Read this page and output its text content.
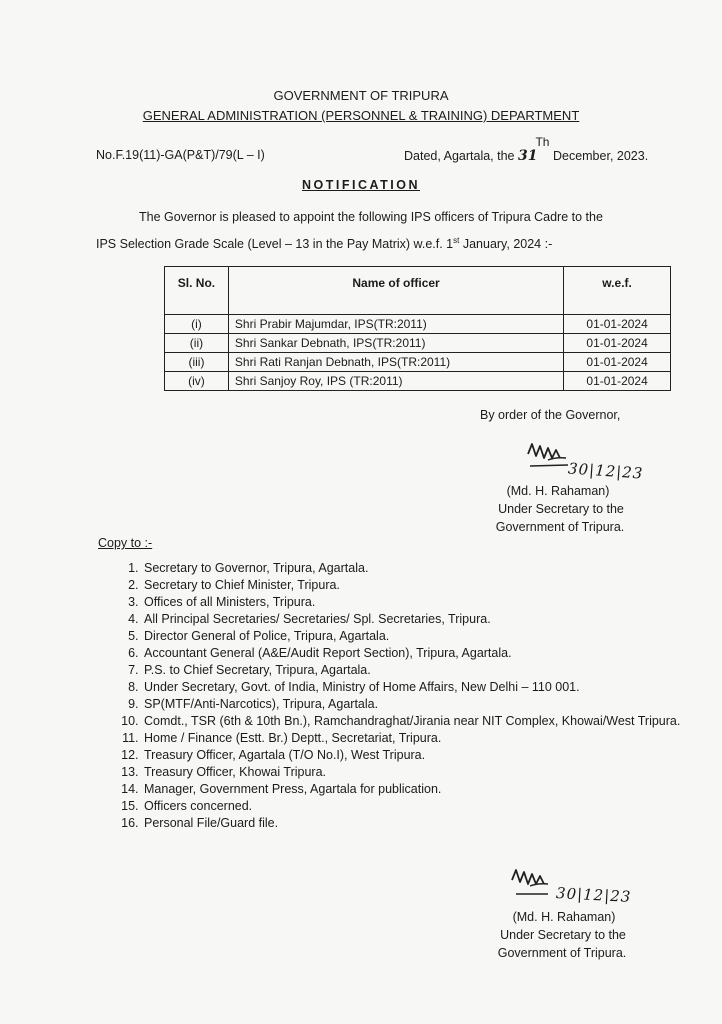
GOVERNMENT OF TRIPURA
GENERAL ADMINISTRATION (PERSONNEL & TRAINING) DEPARTMENT
No.F.19(11)-GA(P&T)/79(L – I)	Dated, Agartala, the 31Th December, 2023.
NOTIFICATION
The Governor is pleased to appoint the following IPS officers of Tripura Cadre to the
IPS Selection Grade Scale (Level – 13 in the Pay Matrix) w.e.f. 1st January, 2024 :-
Sl. No.	Name of officer	w.e.f.
(i)	Shri Prabir Majumdar, IPS(TR:2011)	01-01-2024
(ii)	Shri Sankar Debnath, IPS(TR:2011)	01-01-2024
(iii)	Shri Rati Ranjan Debnath, IPS(TR:2011)	01-01-2024
(iv)	Shri Sanjoy Roy, IPS (TR:2011)	01-01-2024
By order of the Governor,
30|12|23
(Md. H. Rahaman)
Under Secretary to the
Government of Tripura.
Copy to :-
1. Secretary to Governor, Tripura, Agartala.
2. Secretary to Chief Minister, Tripura.
3. Offices of all Ministers, Tripura.
4. All Principal Secretaries/ Secretaries/ Spl. Secretaries, Tripura.
5. Director General of Police, Tripura, Agartala.
6. Accountant General (A&E/Audit Report Section), Tripura, Agartala.
7. P.S. to Chief Secretary, Tripura, Agartala.
8. Under Secretary, Govt. of India, Ministry of Home Affairs, New Delhi – 110 001.
9. SP(MTF/Anti-Narcotics), Tripura, Agartala.
10. Comdt., TSR (6th & 10th Bn.), Ramchandraghat/Jirania near NIT Complex, Khowai/West Tripura.
11. Home / Finance (Estt. Br.) Deptt., Secretariat, Tripura.
12. Treasury Officer, Agartala (T/O No.I), West Tripura.
13. Treasury Officer, Khowai Tripura.
14. Manager, Government Press, Agartala for publication.
15. Officers concerned.
16. Personal File/Guard file.
30|12|23
(Md. H. Rahaman)
Under Secretary to the
Government of Tripura.
